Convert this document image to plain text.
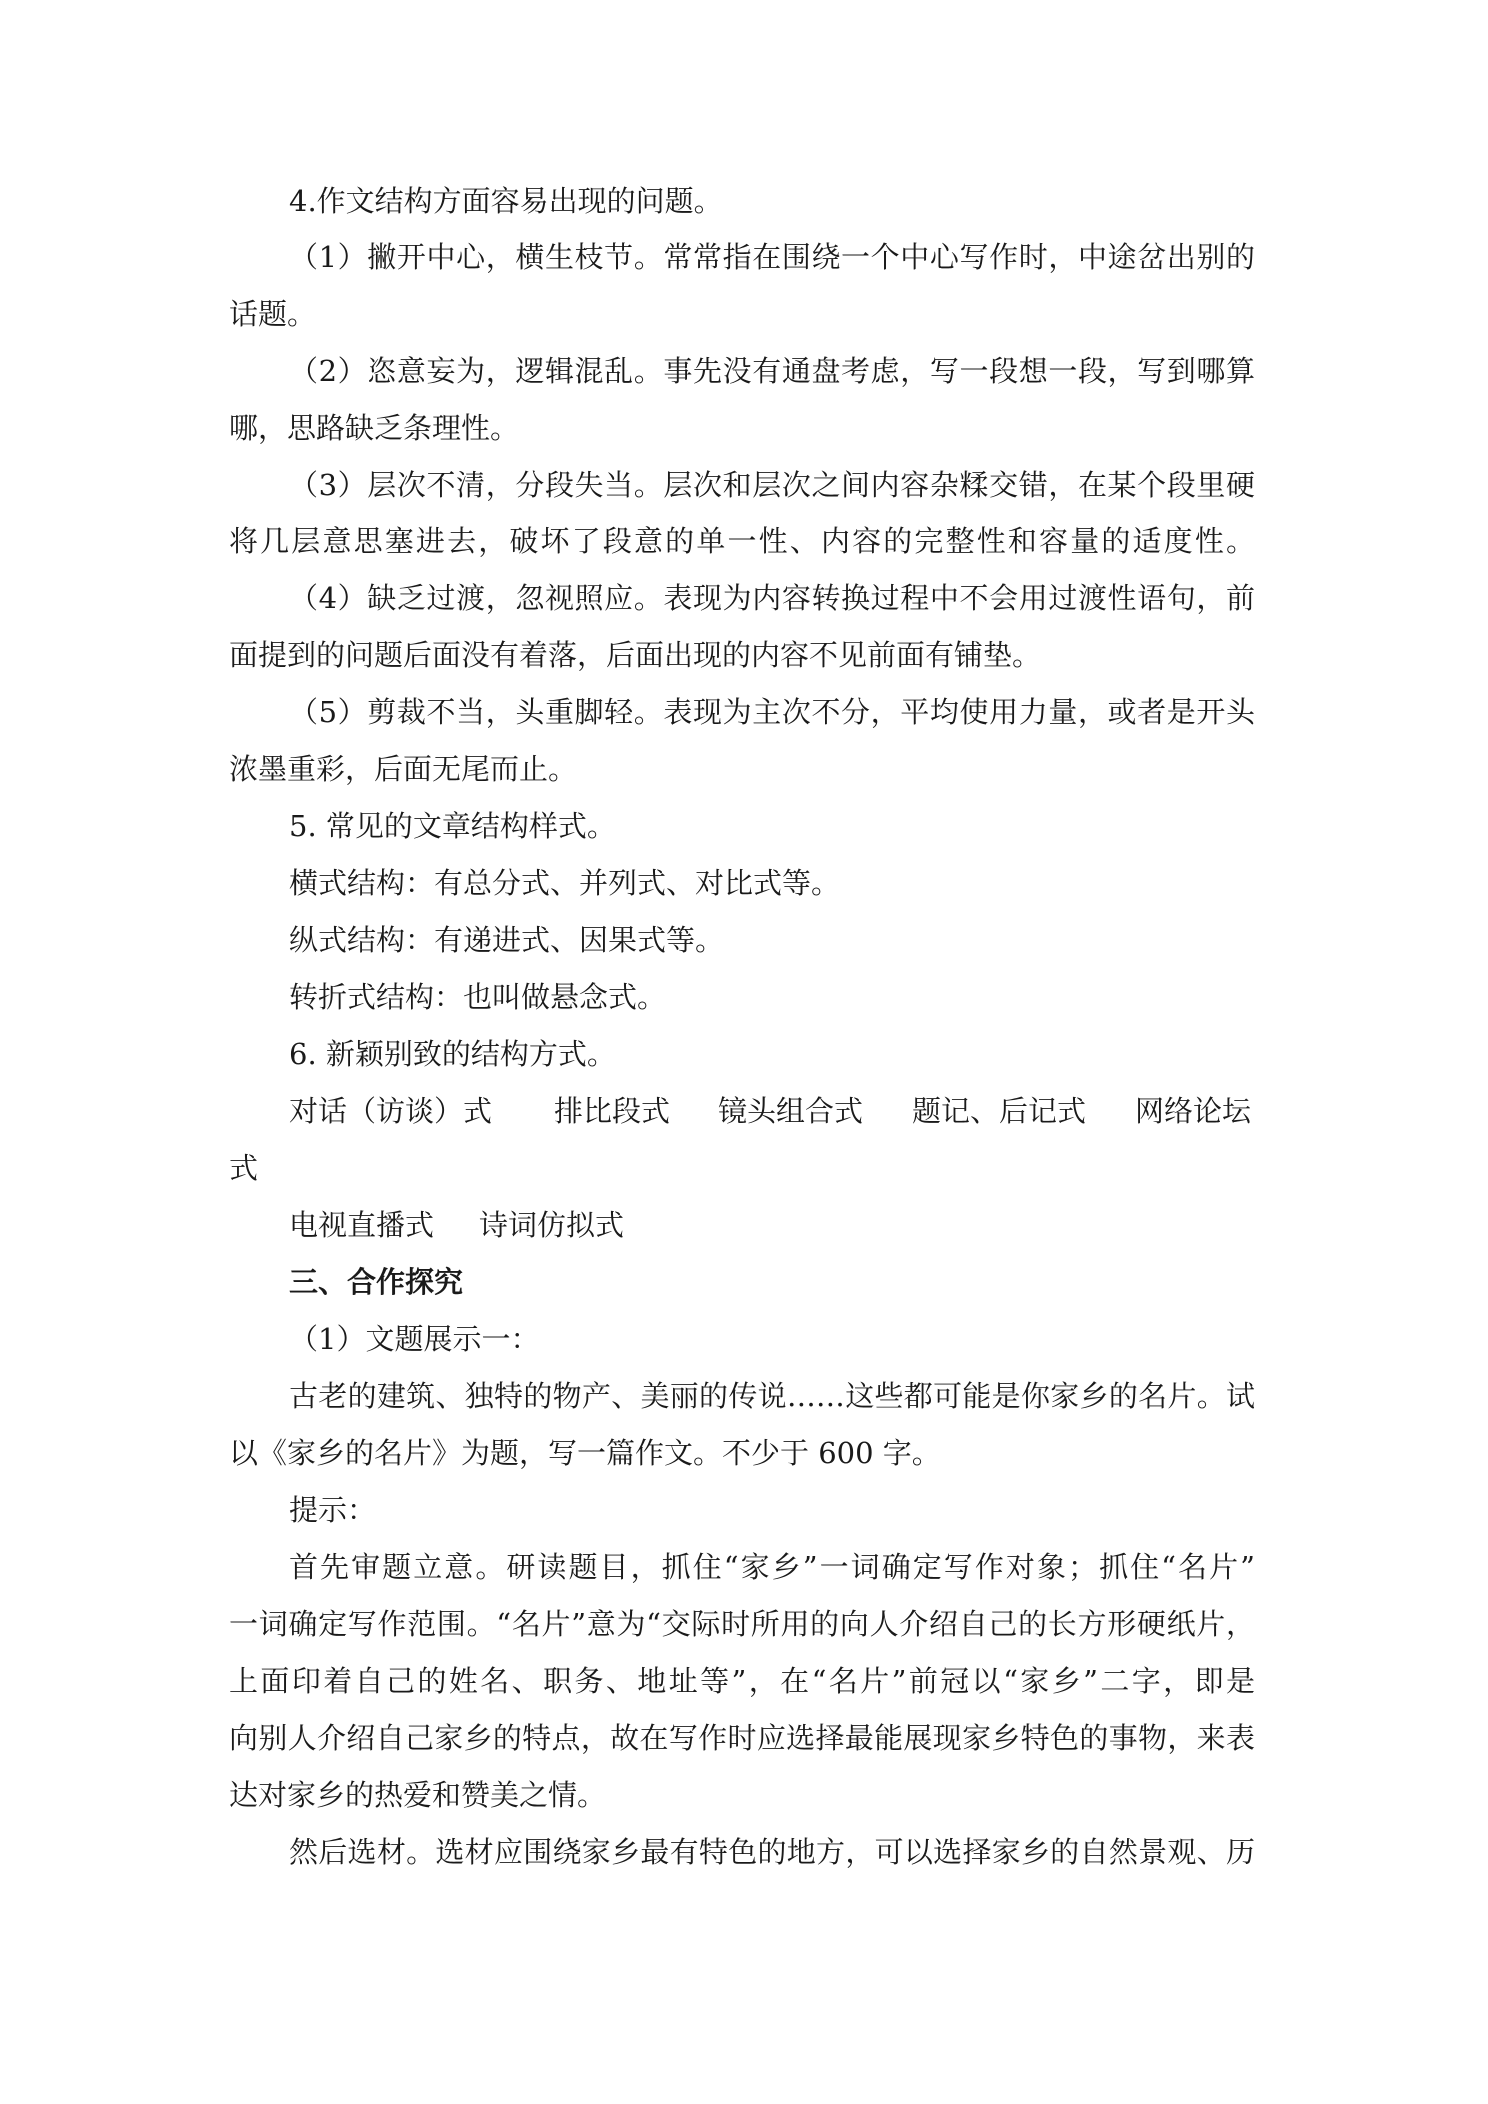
4.作文结构方面容易出现的问题。

（1）撇开中心，横生枝节。常常指在围绕一个中心写作时，中途岔出别的

话题。

（2）恣意妄为，逻辑混乱。事先没有通盘考虑，写一段想一段，写到哪算

哪，思路缺乏条理性。

（3）层次不清，分段失当。层次和层次之间内容杂糅交错，在某个段里硬

将几层意思塞进去，破坏了段意的单一性、内容的完整性和容量的适度性。

（4）缺乏过渡，忽视照应。表现为内容转换过程中不会用过渡性语句，前

面提到的问题后面没有着落，后面出现的内容不见前面有铺垫。

（5）剪裁不当，头重脚轻。表现为主次不分，平均使用力量，或者是开头

浓墨重彩，后面无尾而止。

5. 常见的文章结构样式。

横式结构：有总分式、并列式、对比式等。

纵式结构：有递进式、因果式等。

转折式结构：也叫做悬念式。

6. 新颖别致的结构方式。

对话（访谈）式 排比段式 镜头组合式 题记、后记式 网络论坛

式

电视直播式 诗词仿拟式

三、合作探究

（1）文题展示一：

古老的建筑、独特的物产、美丽的传说……这些都可能是你家乡的名片。试

以《家乡的名片》为题，写一篇作文。不少于 600 字。

提示：

首先审题立意。研读题目，抓住“家乡”一词确定写作对象；抓住“名片”

一词确定写作范围。“名片”意为“交际时所用的向人介绍自己的长方形硬纸片，

上面印着自己的姓名、职务、地址等”，在“名片”前冠以“家乡”二字，即是

向别人介绍自己家乡的特点，故在写作时应选择最能展现家乡特色的事物，来表

达对家乡的热爱和赞美之情。

然后选材。选材应围绕家乡最有特色的地方，可以选择家乡的自然景观、历
